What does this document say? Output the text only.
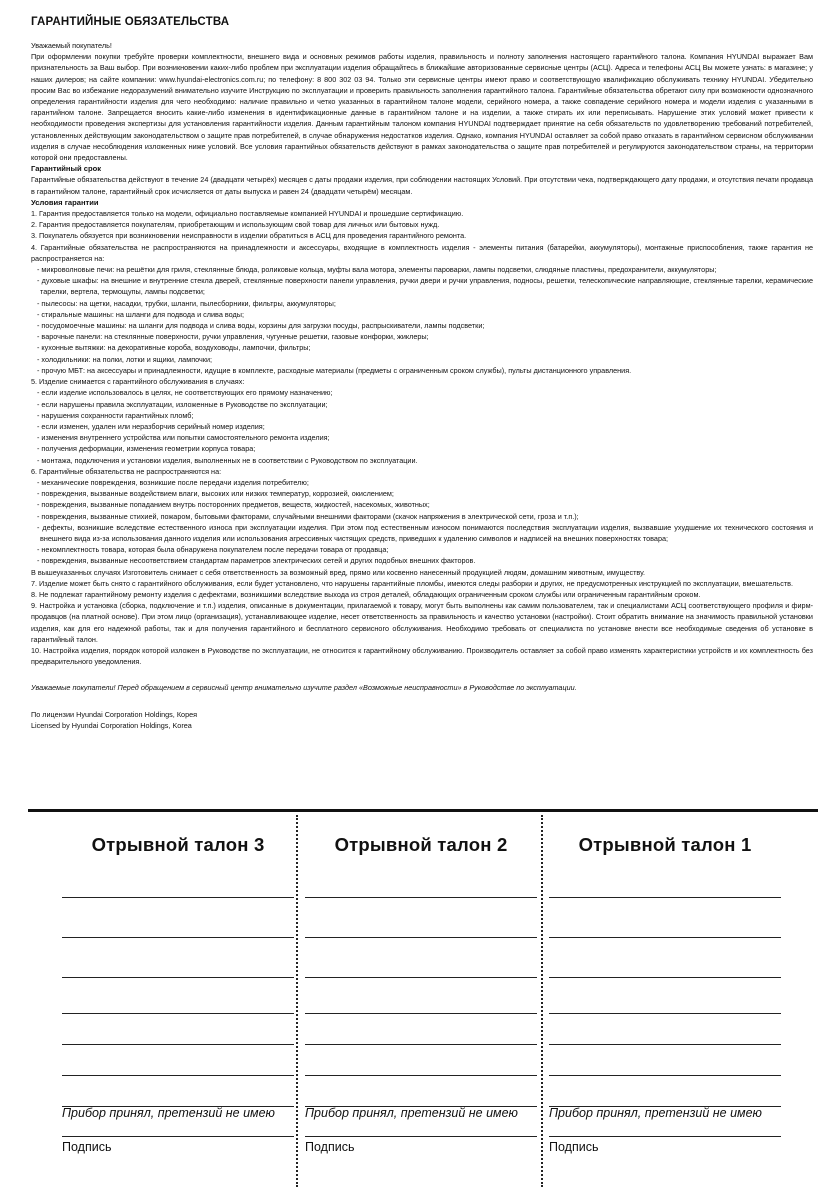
ГАРАНТИЙНЫЕ ОБЯЗАТЕЛЬСТВА

Уважаемый покупатель!

При оформлении покупки требуйте проверки комплектности, внешнего вида и основных режимов работы изделия, правильность и полноту заполнения настоящего гарантийного талона. Компания HYUNDAI выражает Вам признательность за Ваш выбор. При возникновении каких-либо проблем при эксплуатации изделия обращайтесь в ближайшие авторизованные сервисные центры (АСЦ). Адреса и телефоны АСЦ Вы можете узнать: в магазине; у наших дилеров; на сайте компании: www.hyundai-electronics.com.ru; по телефону: 8 800 302 03 94. Только эти сервисные центры имеют право и соответствующую квалификацию обслуживать технику HYUNDAI. Убедительно просим Вас во избежание недоразумений внимательно изучите Инструкцию по эксплуатации и проверить правильность заполнения гарантийного талона. Гарантийные обязательства обретают силу при возможности однозначного определения гарантийности изделия для чего необходимо: наличие правильно и четко указанных в гарантийном талоне модели, серийного номера, а также совпадение серийного номера и модели изделия с указанными в гарантийном талоне. Запрещается вносить какие-либо изменения в идентификационные данные в гарантийном талоне и на изделии, а также стирать их или переписывать. Нарушение этих условий может привести к необходимости проведения экспертизы для установления гарантийности изделия. Данным гарантийным талоном компания HYUNDAI подтверждает принятие на себя обязательств по удовлетворению требований потребителей, установленных действующим законодательством о защите прав потребителей, в случае обнаружения недостатков изделия. Однако, компания HYUNDAI оставляет за собой право отказать в гарантийном сервисном обслуживании изделия в случае несоблюдения изложенных ниже условий. Все условия гарантийных обязательств действуют в рамках законодательства о защите прав потребителей и регулируются законодательством страны, на территории которой они предоставлены.

Гарантийный срок

Гарантийные обязательства действуют в течение 24 (двадцати четырёх) месяцев с даты продажи изделия, при соблюдении настоящих Условий. При отсутствии чека, подтверждающего дату продажи, и отсутствия печати продавца в гарантийном талоне, гарантийный срок исчисляется от даты выпуска и равен 24 (двадцати четырём) месяцам.

Условия гарантии

1. Гарантия предоставляется только на модели, официально поставляемые компанией HYUNDAI и прошедшие сертификацию.

2. Гарантия предоставляется покупателям, приобретающим и использующим свой товар для личных или бытовых нужд.

3. Покупатель обязуется при возникновении неисправности в изделии обратиться в АСЦ для проведения гарантийного ремонта.

4. Гарантийные обязательства не распространяются на принадлежности и аксессуары, входящие в комплектность изделия - элементы питания (батарейки, аккумуляторы), монтажные приспособления, также гарантия не распространяется на:

- микроволновые печи: на решётки для гриля, стеклянные блюда, роликовые кольца, муфты вала мотора, элементы пароварки, лампы подсветки, слюдяные пластины, предохранители, аккумуляторы;

- духовые шкафы: на внешние и внутренние стекла дверей, стеклянные поверхности панели управления, ручки двери и ручки управления, подносы, решетки, телескопические направляющие, стеклянные тарелки, керамические тарелки, вертела, термощупы, лампы подсветки;

- пылесосы: на щетки, насадки, трубки, шланги, пылесборники, фильтры, аккумуляторы;

- стиральные машины: на шланги для подвода и слива воды;

- посудомоечные машины: на шланги для подвода и слива воды, корзины для загрузки посуды, распрыскиватели, лампы подсветки;

- варочные панели: на стеклянные поверхности, ручки управления, чугунные решетки, газовые конфорки, жиклеры;

- кухонные вытяжки: на декоративные короба, воздуховоды, лампочки, фильтры;

- холодильники: на полки, лотки и ящики, лампочки;

- прочую МБТ: на аксессуары и принадлежности, идущие в комплекте, расходные материалы (предметы с ограниченным сроком службы), пульты дистанционного управления.

5. Изделие снимается с гарантийного обслуживания в случаях:

- если изделие использовалось в целях, не соответствующих его прямому назначению;

- если нарушены правила эксплуатации, изложенные в Руководстве по эксплуатации;

- нарушения сохранности гарантийных пломб;

- если изменен, удален или неразборчив серийный номер изделия;

- изменения внутреннего устройства или попытки самостоятельного ремонта изделия;

- получения деформации, изменения геометрии корпуса товара;

- монтажа, подключения и установки изделия, выполненных не в соответствии с Руководством по эксплуатации.

6. Гарантийные обязательства не распространяются на:

- механические повреждения, возникшие после передачи изделия потребителю;

- повреждения, вызванные воздействием влаги, высоких или низких температур, коррозией, окислением;

- повреждения, вызванные попаданием внутрь посторонних предметов, веществ, жидкостей, насекомых, животных;

- повреждения, вызванные стихией, пожаром, бытовыми факторами, случайными внешними факторами (скачок напряжения в электрической сети, гроза и т.п.);

- дефекты, возникшие вследствие естественного износа при эксплуатации изделия. При этом под естественным износом понимаются последствия эксплуатации изделия, вызвавшие ухудшение их технического состояния и внешнего вида из-за использования данного изделия или использования агрессивных чистящих средств, приведших к удалению символов и надписей на внешних поверхностях товара;

- некомплектность товара, которая была обнаружена покупателем после передачи товара от продавца;

- повреждения, вызванные несоответствием стандартам параметров электрических сетей и других подобных внешних факторов.

В вышеуказанных случаях Изготовитель снимает с себя ответственность за возможный вред, прямо или косвенно нанесенный продукцией людям, домашним животным, имуществу.

7. Изделие может быть снято с гарантийного обслуживания, если будет установлено, что нарушены гарантийные пломбы, имеются следы разборки и других, не предусмотренных инструкцией по эксплуатации, вмешательств.

8. Не подлежат гарантийному ремонту изделия с дефектами, возникшими вследствие выхода из строя деталей, обладающих ограниченным сроком службы или ограниченным гарантийным сроком.

9. Настройка и установка (сборка, подключение и т.п.) изделия, описанные в документации, прилагаемой к товару, могут быть выполнены как самим пользователем, так и специалистами АСЦ соответствующего профиля и фирм-продавцов (на платной основе). При этом лицо (организация), устанавливающее изделие, несет ответственность за правильность и качество установки (настройки). Стоит обратить внимание на значимость правильной установки изделия, как для его надежной работы, так и для получения гарантийного и бесплатного сервисного обслуживания. Необходимо требовать от специалиста по установке внести все необходимые сведения об установке в гарантийный талон.

10. Настройка изделия, порядок которой изложен в Руководстве по эксплуатации, не относится к гарантийному обслуживанию. Производитель оставляет за собой право изменять характеристики устройств и их комплектность без предварительного уведомления.

Уважаемые покупатели! Перед обращением в сервисный центр внимательно изучите раздел «Возможные неисправности» в Руководстве по эксплуатации.

По лицензии Hyundai Corporation Holdings, Корея

Licensed by Hyundai Corporation Holdings, Korea

Отрывной талон 3
Прибор принял, претензий не имею
Подпись
Отрывной талон 2
Прибор принял, претензий не имею
Подпись
Отрывной талон 1
Прибор принял, претензий не имею
Подпись
